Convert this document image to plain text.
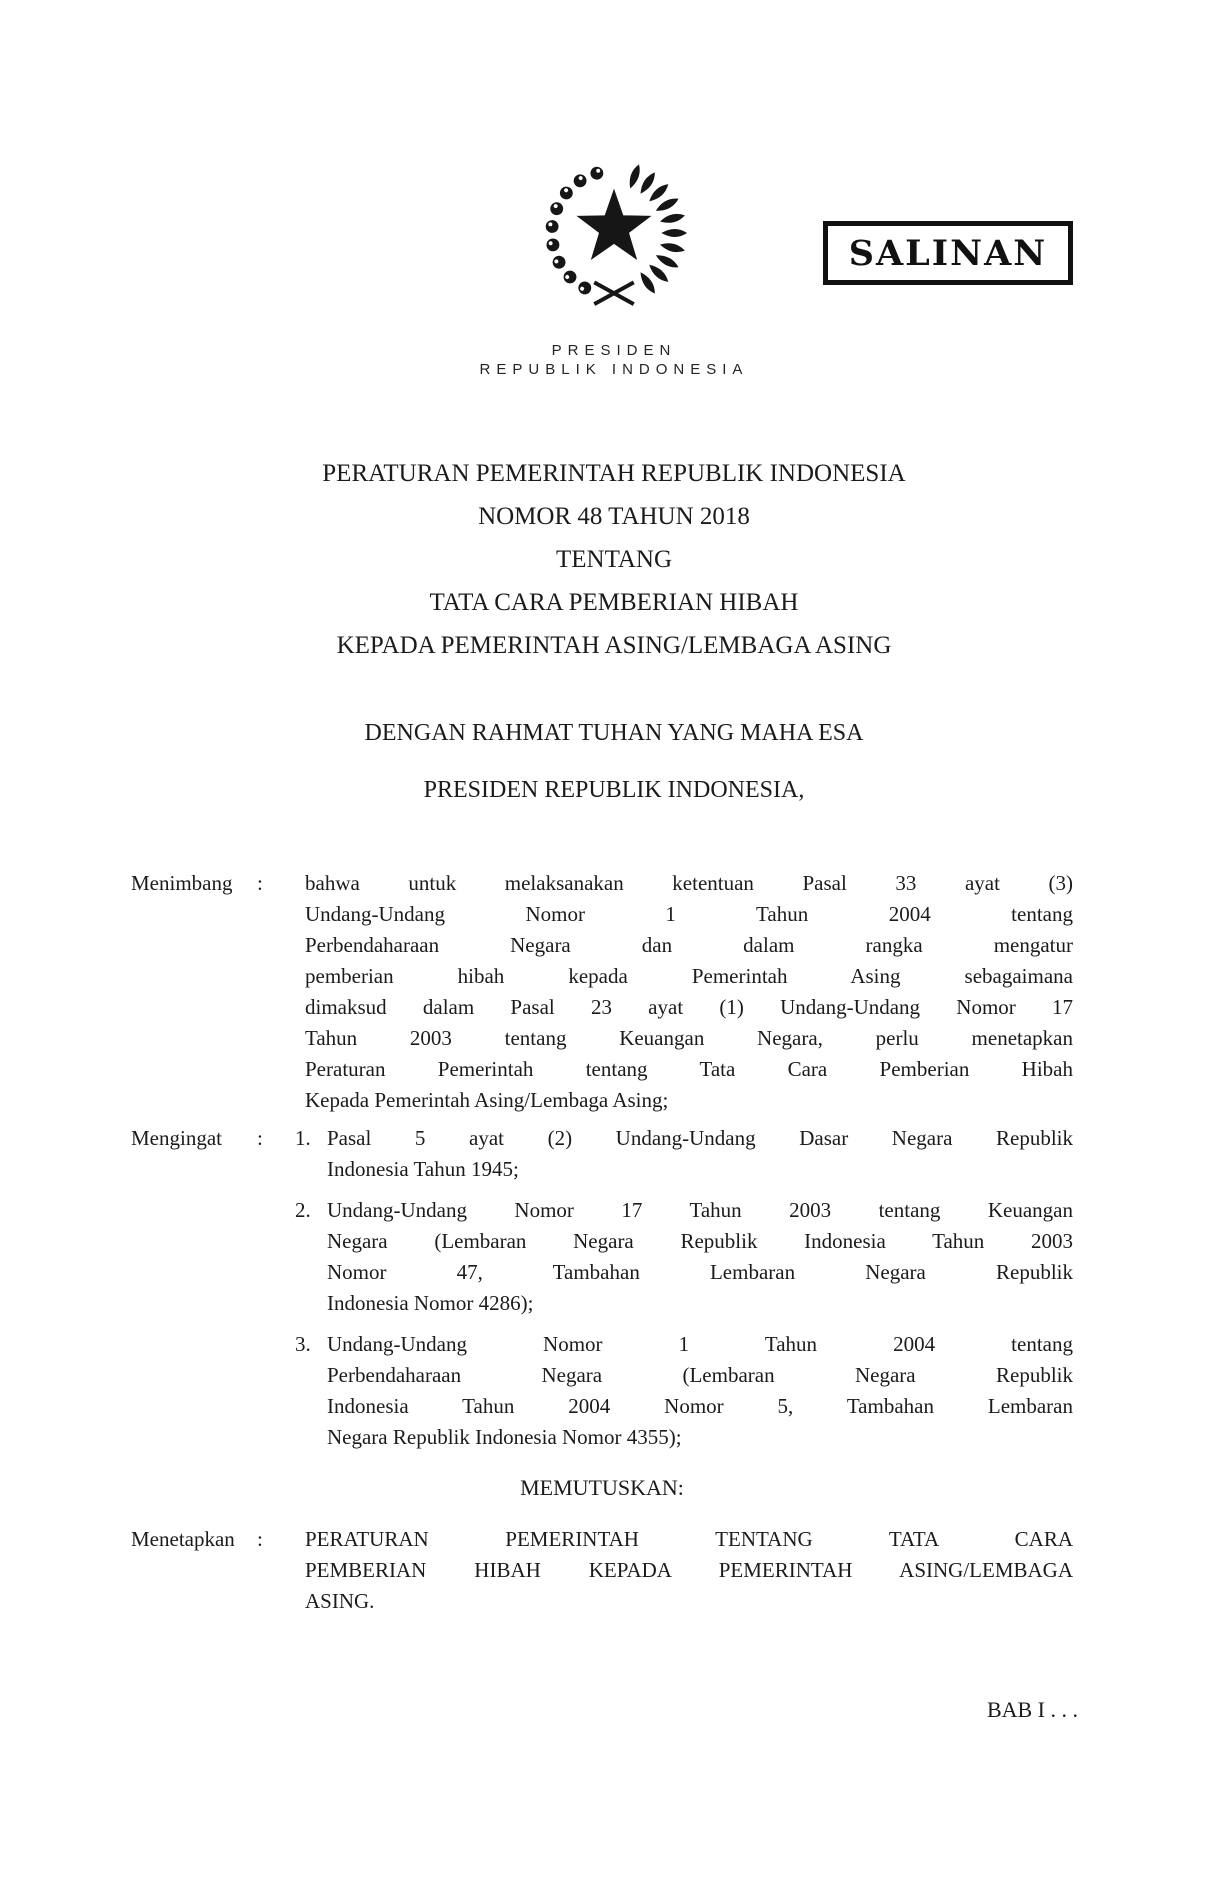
SALINAN
PRESIDEN
REPUBLIK INDONESIA
PERATURAN PEMERINTAH REPUBLIK INDONESIA
NOMOR 48 TAHUN 2018
TENTANG
TATA CARA PEMBERIAN HIBAH
KEPADA PEMERINTAH ASING/LEMBAGA ASING
DENGAN RAHMAT TUHAN YANG MAHA ESA
PRESIDEN REPUBLIK INDONESIA,
Menimbang	:	bahwa untuk melaksanakan ketentuan Pasal 33 ayat (3)
Undang-Undang Nomor 1 Tahun 2004 tentang
Perbendaharaan Negara dan dalam rangka mengatur
pemberian hibah kepada Pemerintah Asing sebagaimana
dimaksud dalam Pasal 23 ayat (1) Undang-Undang Nomor 17
Tahun 2003 tentang Keuangan Negara, perlu menetapkan
Peraturan Pemerintah tentang Tata Cara Pemberian Hibah
Kepada Pemerintah Asing/Lembaga Asing;
Mengingat	:	1. Pasal 5 ayat (2) Undang-Undang Dasar Negara Republik
Indonesia Tahun 1945;
2. Undang-Undang Nomor 17 Tahun 2003 tentang Keuangan
Negara (Lembaran Negara Republik Indonesia Tahun 2003
Nomor 47, Tambahan Lembaran Negara Republik
Indonesia Nomor 4286);
3. Undang-Undang Nomor 1 Tahun 2004 tentang
Perbendaharaan Negara (Lembaran Negara Republik
Indonesia Tahun 2004 Nomor 5, Tambahan Lembaran
Negara Republik Indonesia Nomor 4355);
MEMUTUSKAN:
Menetapkan	:	PERATURAN PEMERINTAH TENTANG TATA CARA
PEMBERIAN HIBAH KEPADA PEMERINTAH ASING/LEMBAGA
ASING.
BAB I . . .
